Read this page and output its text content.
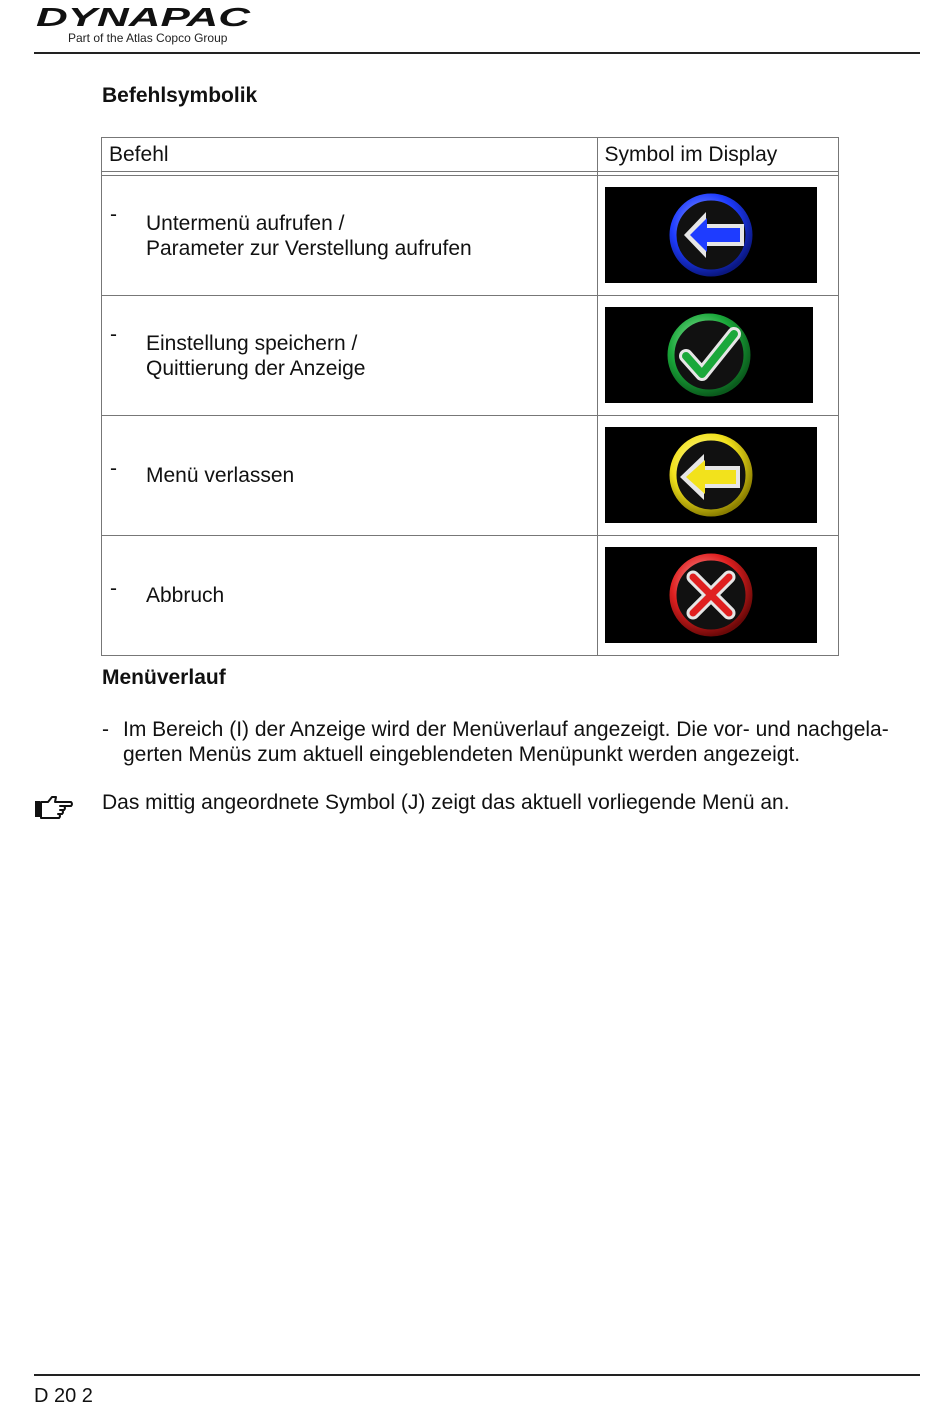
DYNAPAC
Part of the Atlas Copco Group
Befehlsymbolik
Befehl	Symbol im Display

- Untermenü aufrufen /
Parameter zur Verstellung aufrufen

- Einstellung speichern /
Quittierung der Anzeige

- Menü verlassen

- Abbruch

Menüverlauf

- Im Bereich (I) der Anzeige wird der Menüverlauf angezeigt. Die vor- und nachgela-
gerten Menüs zum aktuell eingeblendeten Menüpunkt werden angezeigt.

Das mittig angeordnete Symbol (J) zeigt das aktuell vorliegende Menü an.

D 20 2
